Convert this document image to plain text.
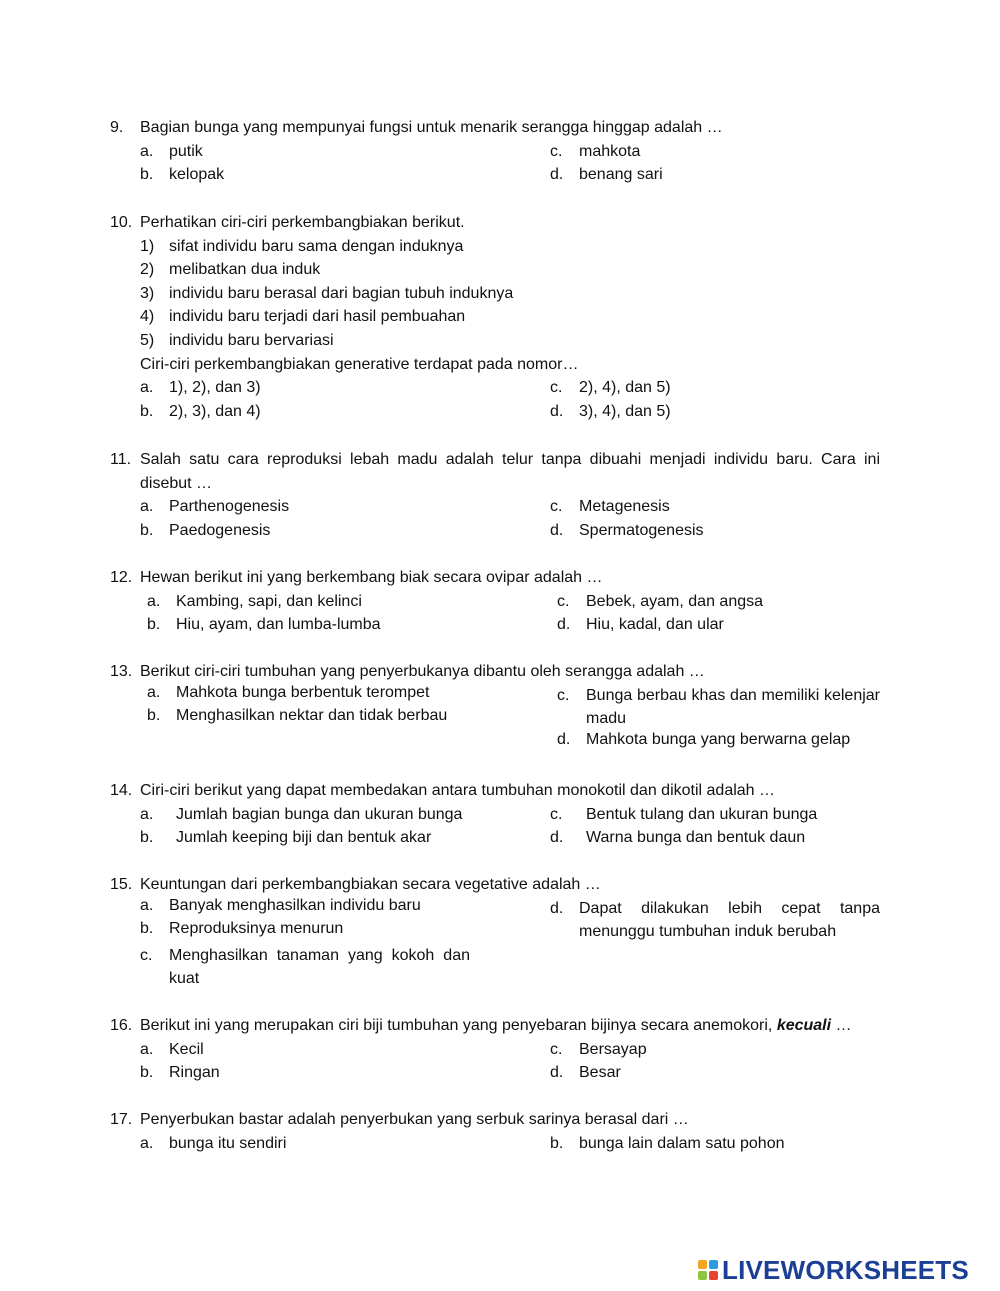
9. Bagian bunga yang mempunyai fungsi untuk menarik serangga hinggap adalah …
a. putik	c. mahkota
b. kelopak	d. benang sari
10. Perhatikan ciri-ciri perkembangbiakan berikut.
1) sifat individu baru sama dengan induknya
2) melibatkan dua induk
3) individu baru berasal dari bagian tubuh induknya
4) individu baru terjadi dari hasil pembuahan
5) individu baru bervariasi
Ciri-ciri perkembangbiakan generative terdapat pada nomor…
a. 1), 2), dan 3)	c. 2), 4), dan 5)
b. 2), 3), dan 4)	d. 3), 4), dan 5)
11. Salah satu cara reproduksi lebah madu adalah telur tanpa dibuahi menjadi individu baru. Cara ini disebut …
a. Parthenogenesis	c. Metagenesis
b. Paedogenesis	d. Spermatogenesis
12. Hewan berikut ini yang berkembang biak secara ovipar adalah …
a. Kambing, sapi, dan kelinci	c. Bebek, ayam, dan angsa
b. Hiu, ayam, dan lumba-lumba	d. Hiu, kadal, dan ular
13. Berikut ciri-ciri tumbuhan yang penyerbukanya dibantu oleh serangga adalah …
a. Mahkota bunga berbentuk terompet
b. Menghasilkan nektar dan tidak berbau
c. Bunga berbau khas dan memiliki kelenjar madu
d. Mahkota bunga yang berwarna gelap
14. Ciri-ciri berikut yang dapat membedakan antara tumbuhan monokotil dan dikotil adalah …
a. Jumlah bagian bunga dan ukuran bunga	c. Bentuk tulang dan ukuran bunga
b. Jumlah keeping biji dan bentuk akar	d. Warna bunga dan bentuk daun
15. Keuntungan dari perkembangbiakan secara vegetative adalah …
a. Banyak menghasilkan individu baru
b. Reproduksinya menurun
c. Menghasilkan tanaman yang kokoh dan kuat
d. Dapat dilakukan lebih cepat tanpa menunggu tumbuhan induk berubah
16. Berikut ini yang merupakan ciri biji tumbuhan yang penyebaran bijinya secara anemokori, kecuali …
a. Kecil	c. Bersayap
b. Ringan	d. Besar
17. Penyerbukan bastar adalah penyerbukan yang serbuk sarinya berasal dari …
a. bunga itu sendiri	b. bunga lain dalam satu pohon
LIVEWORKSHEETS
